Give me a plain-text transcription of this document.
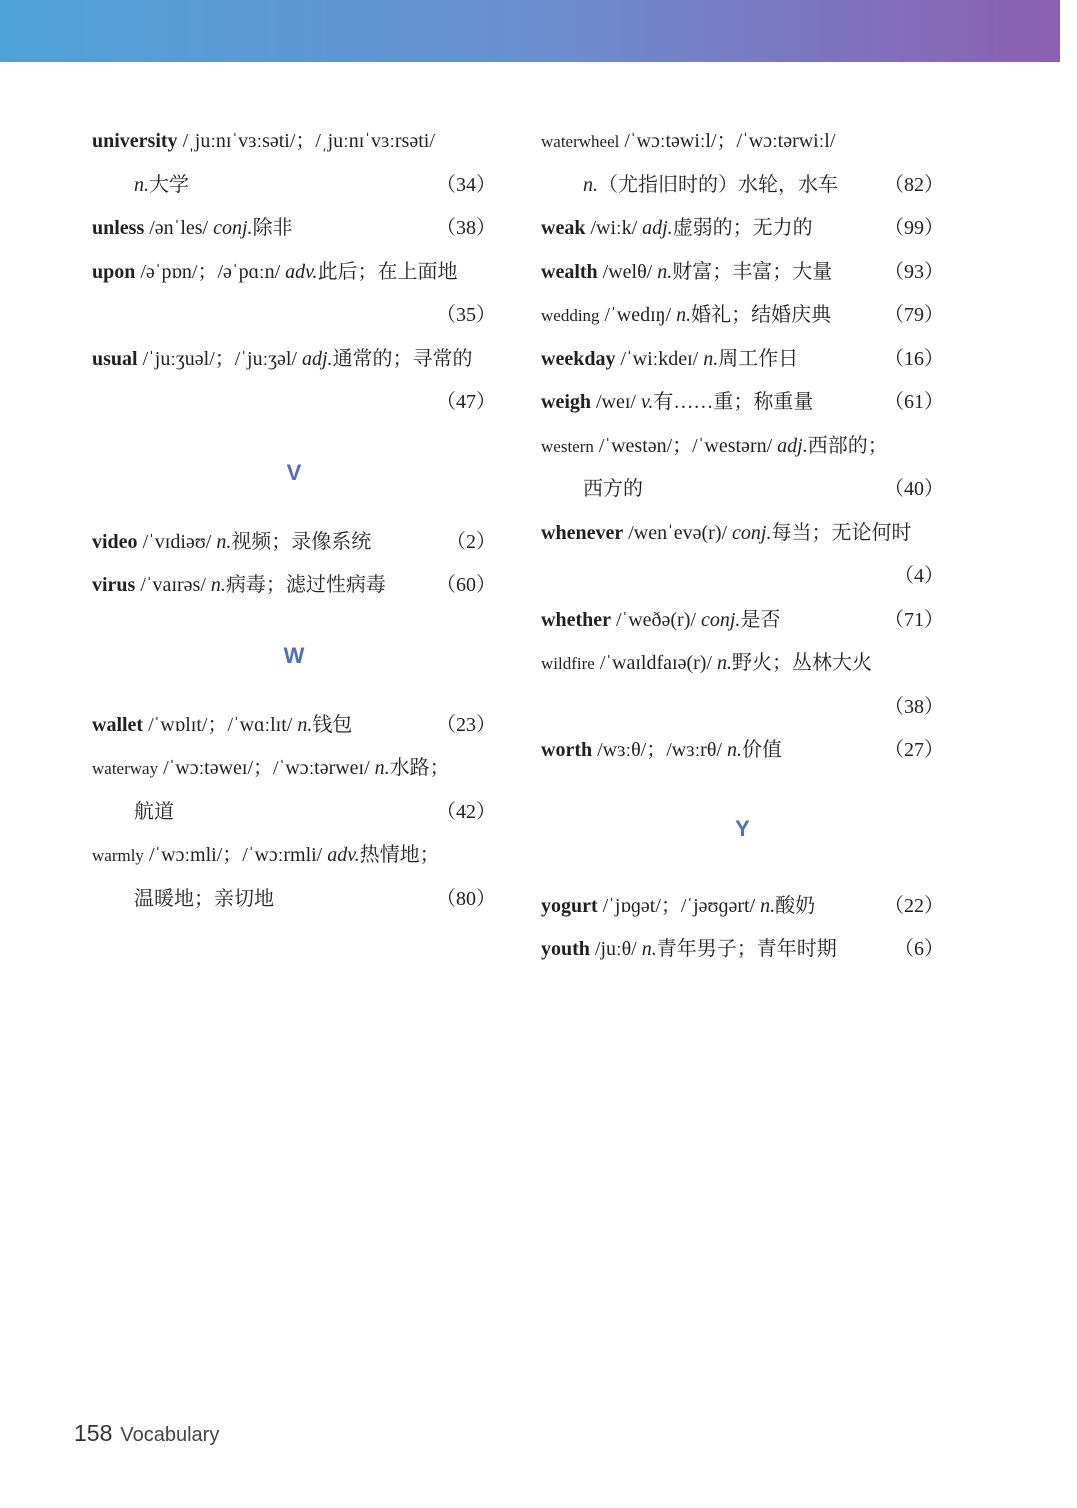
university /ˌjuːnɪˈvɜːsəti/；/ˌjuːnɪˈvɜːrsəti/
n.大学	（34）
unless /ənˈles/ conj.除非	（38）
upon /əˈpɒn/；/əˈpɑːn/ adv.此后；在上面地
（35）
usual /ˈjuːʒuəl/；/ˈjuːʒəl/ adj.通常的；寻常的
（47）
V
video /ˈvɪdiəʊ/ n.视频；录像系统	（2）
virus /ˈvaɪrəs/ n.病毒；滤过性病毒	（60）
W
wallet /ˈwɒlɪt/；/ˈwɑːlɪt/ n.钱包	（23）
waterway /ˈwɔːtəweɪ/；/ˈwɔːtərweɪ/ n.水路；
航道	（42）
warmly /ˈwɔːmli/；/ˈwɔːrmli/ adv.热情地；
温暖地；亲切地	（80）
waterwheel /ˈwɔːtəwiːl/；/ˈwɔːtərwiːl/
n.（尤指旧时的）水轮，水车 （82）
weak /wiːk/ adj.虚弱的；无力的	（99）
wealth /welθ/ n.财富；丰富；大量	（93）
wedding /ˈwedɪŋ/ n.婚礼；结婚庆典	（79）
weekday /ˈwiːkdeɪ/ n.周工作日	（16）
weigh /weɪ/ v.有……重；称重量	（61）
western /ˈwestən/；/ˈwestərn/ adj.西部的；
西方的	（40）
whenever /wenˈevə(r)/ conj.每当；无论何时
（4）
whether /ˈweðə(r)/ conj.是否	（71）
wildfire /ˈwaɪldfaɪə(r)/ n.野火；丛林大火
（38）
worth /wɜːθ/；/wɜːrθ/ n.价值	（27）
Y
yogurt /ˈjɒɡət/；/ˈjəʊɡərt/ n.酸奶	（22）
youth /juːθ/ n.青年男子；青年时期	（6）
158 Vocabulary
